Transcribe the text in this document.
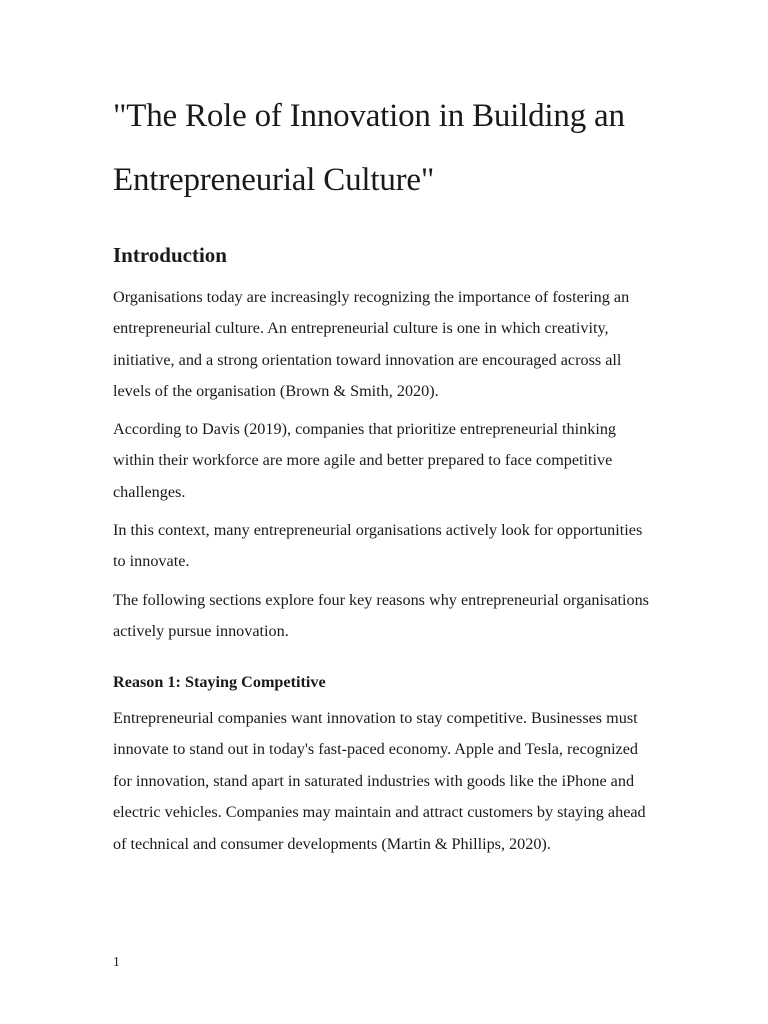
"The Role of Innovation in Building an
Entrepreneurial Culture"
Introduction

Organisations today are increasingly recognizing the importance of fostering an entrepreneurial culture. An entrepreneurial culture is one in which creativity, initiative, and a strong orientation toward innovation are encouraged across all levels of the organisation (Brown & Smith, 2020).

According to Davis (2019), companies that prioritize entrepreneurial thinking within their workforce are more agile and better prepared to face competitive challenges.

In this context, many entrepreneurial organisations actively look for opportunities to innovate.

The following sections explore four key reasons why entrepreneurial organisations actively pursue innovation.

Reason 1: Staying Competitive

Entrepreneurial companies want innovation to stay competitive. Businesses must innovate to stand out in today's fast-paced economy. Apple and Tesla, recognized for innovation, stand apart in saturated industries with goods like the iPhone and electric vehicles. Companies may maintain and attract customers by staying ahead of technical and consumer developments (Martin & Phillips, 2020).

1
